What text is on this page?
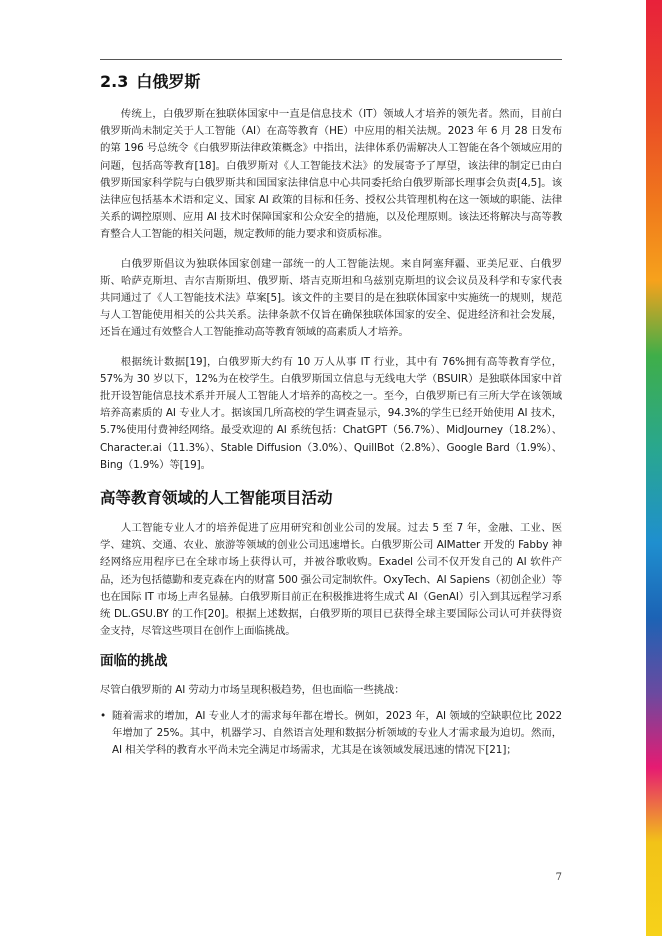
2.3 白俄罗斯

传统上，白俄罗斯在独联体国家中一直是信息技术（IT）领域人才培养的领先者。然而，目前白俄罗斯尚未制定关于人工智能（AI）在高等教育（HE）中应用的相关法规。2023 年 6 月 28 日发布的第 196 号总统令《白俄罗斯法律政策概念》中指出，法律体系仍需解决人工智能在各个领域应用的问题，包括高等教育[18]。白俄罗斯对《人工智能技术法》的发展寄予了厚望，该法律的制定已由白俄罗斯国家科学院与白俄罗斯共和国国家法律信息中心共同委托给白俄罗斯部长理事会负责[4,5]。该法律应包括基本术语和定义、国家 AI 政策的目标和任务、授权公共管理机构在这一领域的职能、法律关系的调控原则、应用 AI 技术时保障国家和公众安全的措施，以及伦理原则。该法还将解决与高等教育整合人工智能的相关问题，规定教师的能力要求和资质标准。

白俄罗斯倡议为独联体国家创建一部统一的人工智能法规。来自阿塞拜疆、亚美尼亚、白俄罗斯、哈萨克斯坦、吉尔吉斯斯坦、俄罗斯、塔吉克斯坦和乌兹别克斯坦的议会议员及科学和专家代表共同通过了《人工智能技术法》草案[5]。该文件的主要目的是在独联体国家中实施统一的规则，规范与人工智能使用相关的公共关系。法律条款不仅旨在确保独联体国家的安全、促进经济和社会发展，还旨在通过有效整合人工智能推动高等教育领域的高素质人才培养。

根据统计数据[19]，白俄罗斯大约有 10 万人从事 IT 行业，其中有 76%拥有高等教育学位，57%为 30 岁以下，12%为在校学生。白俄罗斯国立信息与无线电大学（BSUIR）是独联体国家中首批开设智能信息技术系并开展人工智能人才培养的高校之一。至今，白俄罗斯已有三所大学在该领域培养高素质的 AI 专业人才。据该国几所高校的学生调查显示，94.3%的学生已经开始使用 AI 技术，5.7%使用付费神经网络。最受欢迎的 AI 系统包括：ChatGPT（56.7%）、MidJourney（18.2%）、Character.ai（11.3%）、Stable Diffusion（3.0%）、QuillBot（2.8%）、Google Bard（1.9%）、Bing（1.9%）等[19]。

高等教育领域的人工智能项目活动

人工智能专业人才的培养促进了应用研究和创业公司的发展。过去 5 至 7 年，金融、工业、医学、建筑、交通、农业、旅游等领域的创业公司迅速增长。白俄罗斯公司 AIMatter 开发的 Fabby 神经网络应用程序已在全球市场上获得认可，并被谷歌收购。Exadel 公司不仅开发自己的 AI 软件产品，还为包括德勤和麦克森在内的财富 500 强公司定制软件。OxyTech、AI Sapiens（初创企业）等也在国际 IT 市场上声名显赫。白俄罗斯目前正在积极推进将生成式 AI（GenAI）引入到其远程学习系统 DL.GSU.BY 的工作[20]。根据上述数据，白俄罗斯的项目已获得全球主要国际公司认可并获得资金支持，尽管这些项目在创作上面临挑战。

面临的挑战

尽管白俄罗斯的 AI 劳动力市场呈现积极趋势，但也面临一些挑战：

• 随着需求的增加，AI 专业人才的需求每年都在增长。例如，2023 年，AI 领域的空缺职位比 2022 年增加了 25%。其中，机器学习、自然语言处理和数据分析领域的专业人才需求最为迫切。然而，AI 相关学科的教育水平尚未完全满足市场需求，尤其是在该领域发展迅速的情况下[21]；
7
